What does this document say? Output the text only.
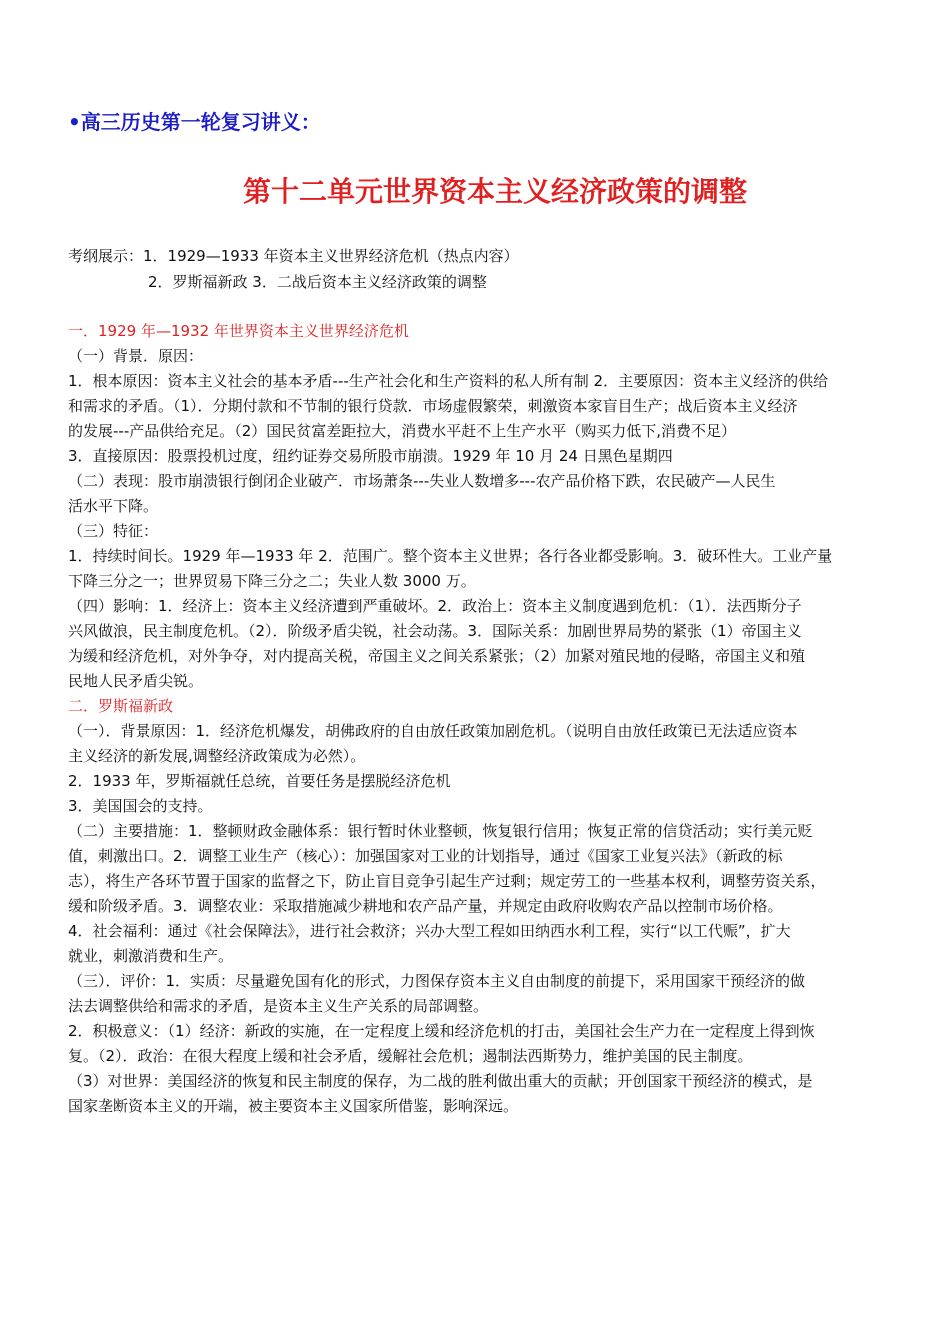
•高三历史第一轮复习讲义：
第十二单元世界资本主义经济政策的调整
考纲展示：1．1929—1933 年资本主义世界经济危机（热点内容）
2．罗斯福新政 3．二战后资本主义经济政策的调整
一．1929 年—1932 年世界资本主义世界经济危机
（一）背景．原因：
1．根本原因：资本主义社会的基本矛盾---生产社会化和生产资料的私人所有制 2．主要原因：资本主义经济的供给
和需求的矛盾。（1）．分期付款和不节制的银行贷款．市场虚假繁荣，刺激资本家盲目生产；战后资本主义经济
的发展---产品供给充足。（2）国民贫富差距拉大，消费水平赶不上生产水平（购买力低下,消费不足）
3．直接原因：股票投机过度，纽约证券交易所股市崩溃。1929 年 10 月 24 日黑色星期四
（二）表现：股市崩溃银行倒闭企业破产．市场萧条---失业人数增多---农产品价格下跌，农民破产—人民生
活水平下降。
（三）特征：
1．持续时间长。1929 年—1933 年 2．范围广。整个资本主义世界；各行各业都受影响。3．破环性大。工业产量
下降三分之一；世界贸易下降三分之二；失业人数 3000 万。
（四）影响：1．经济上：资本主义经济遭到严重破坏。2．政治上：资本主义制度遇到危机：（1）．法西斯分子
兴风做浪，民主制度危机。（2）．阶级矛盾尖锐，社会动荡。3．国际关系：加剧世界局势的紧张（1）帝国主义
为缓和经济危机，对外争夺，对内提高关税，帝国主义之间关系紧张；（2）加紧对殖民地的侵略，帝国主义和殖
民地人民矛盾尖锐。
二．罗斯福新政
（一）．背景原因：1．经济危机爆发，胡佛政府的自由放任政策加剧危机。（说明自由放任政策已无法适应资本
主义经济的新发展,调整经济政策成为必然）。
2．1933 年，罗斯福就任总统，首要任务是摆脱经济危机
3．美国国会的支持。
（二）主要措施：1．整顿财政金融体系：银行暂时休业整顿，恢复银行信用；恢复正常的信贷活动；实行美元贬
值，刺激出口。2．调整工业生产（核心）：加强国家对工业的计划指导，通过《国家工业复兴法》（新政的标
志），将生产各环节置于国家的监督之下，防止盲目竞争引起生产过剩；规定劳工的一些基本权利，调整劳资关系，
缓和阶级矛盾。3．调整农业：采取措施减少耕地和农产品产量，并规定由政府收购农产品以控制市场价格。
4．社会福利：通过《社会保障法》，进行社会救济；兴办大型工程如田纳西水利工程，实行“以工代赈”，扩大
就业，刺激消费和生产。
（三）．评价：1．实质：尽量避免国有化的形式，力图保存资本主义自由制度的前提下，采用国家干预经济的做
法去调整供给和需求的矛盾，是资本主义生产关系的局部调整。
2．积极意义：（1）经济：新政的实施，在一定程度上缓和经济危机的打击，美国社会生产力在一定程度上得到恢
复。（2）．政治：在很大程度上缓和社会矛盾，缓解社会危机；遏制法西斯势力，维护美国的民主制度。
（3）对世界：美国经济的恢复和民主制度的保存，为二战的胜利做出重大的贡献；开创国家干预经济的模式，是
国家垄断资本主义的开端，被主要资本主义国家所借鉴，影响深远。
